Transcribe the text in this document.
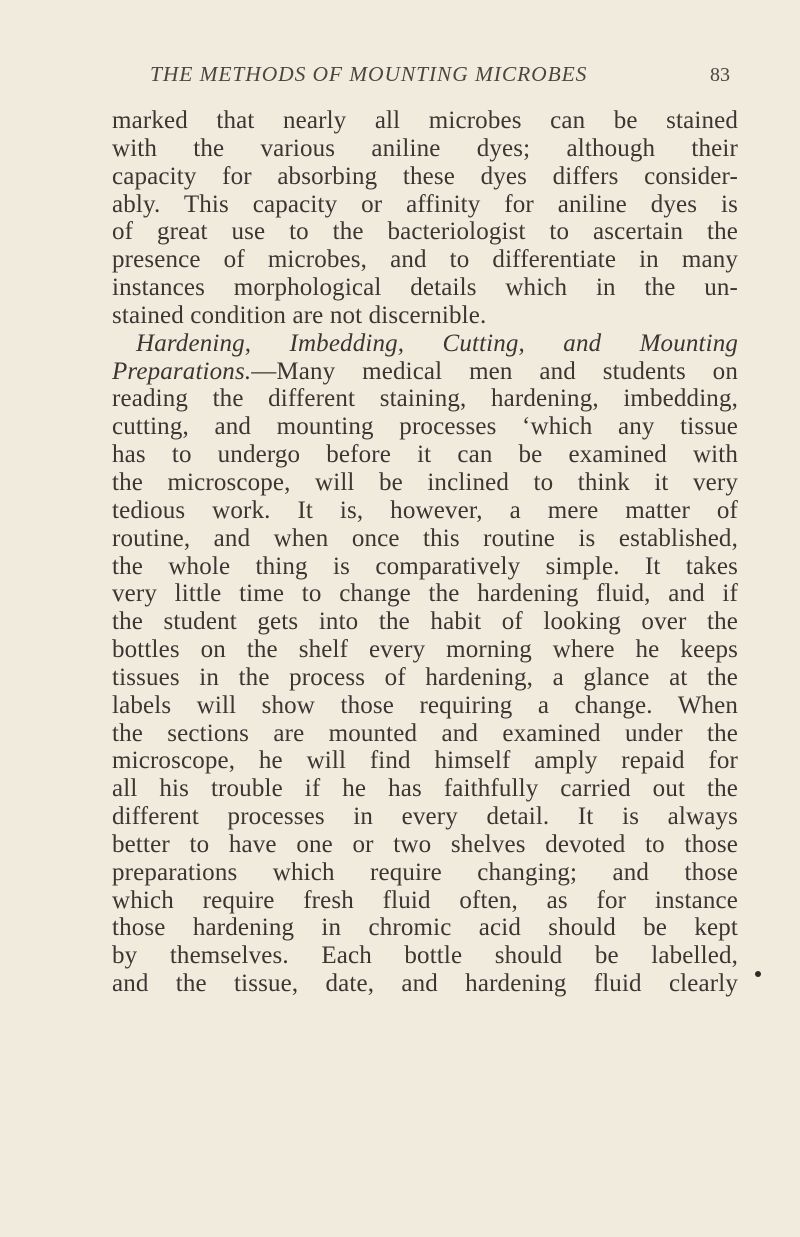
THE METHODS OF MOUNTING MICROBES	83
marked that nearly all microbes can be stained
with the various aniline dyes; although their
capacity for absorbing these dyes differs consider-
ably. This capacity or affinity for aniline dyes is
of great use to the bacteriologist to ascertain the
presence of microbes, and to differentiate in many
instances morphological details which in the un-
stained condition are not discernible.
Hardening, Imbedding, Cutting, and Mounting
Preparations.—Many medical men and students on
reading the different staining, hardening, imbedding,
cutting, and mounting processes ‘which any tissue
has to undergo before it can be examined with
the microscope, will be inclined to think it very
tedious work. It is, however, a mere matter of
routine, and when once this routine is established,
the whole thing is comparatively simple. It takes
very little time to change the hardening fluid, and if
the student gets into the habit of looking over the
bottles on the shelf every morning where he keeps
tissues in the process of hardening, a glance at the
labels will show those requiring a change. When
the sections are mounted and examined under the
microscope, he will find himself amply repaid for
all his trouble if he has faithfully carried out the
different processes in every detail. It is always
better to have one or two shelves devoted to those
preparations which require changing; and those
which require fresh fluid often, as for instance
those hardening in chromic acid should be kept
by themselves. Each bottle should be labelled,
and the tissue, date, and hardening fluid clearly
